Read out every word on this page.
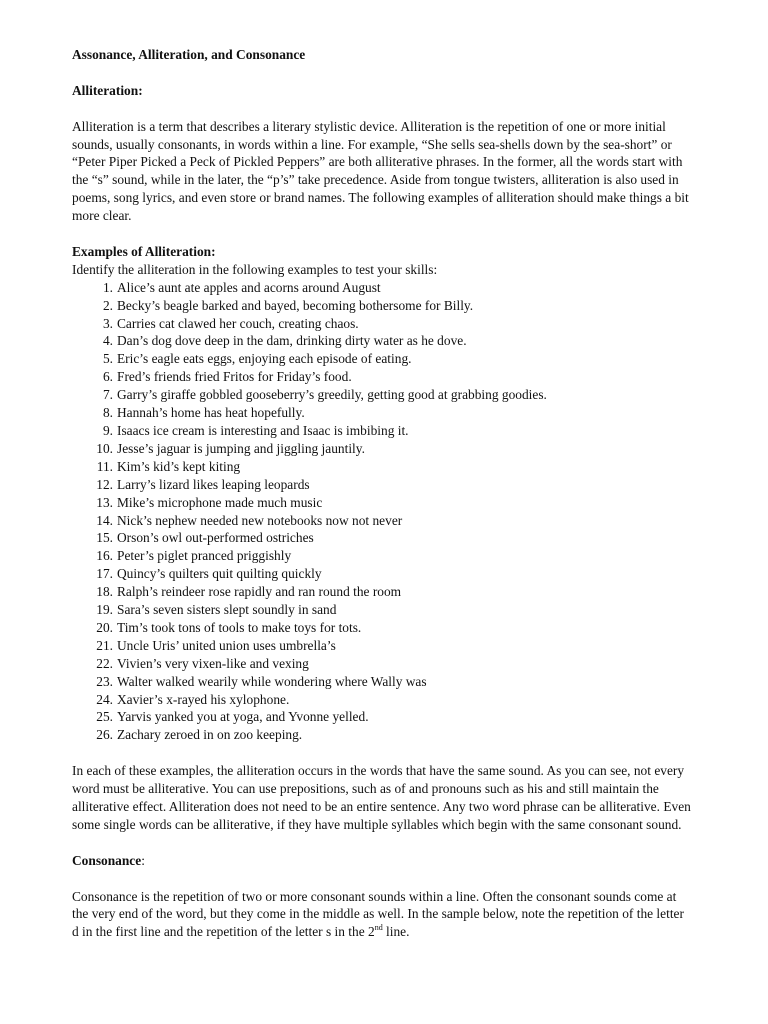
Assonance, Alliteration, and Consonance

Alliteration:

Alliteration is a term that describes a literary stylistic device. Alliteration is the repetition of one or more initial sounds, usually consonants, in words within a line. For example, “She sells sea-shells down by the sea-short” or “Peter Piper Picked a Peck of Pickled Peppers” are both alliterative phrases. In the former, all the words start with the “s” sound, while in the later, the “p’s” take precedence. Aside from tongue twisters, alliteration is also used in poems, song lyrics, and even store or brand names. The following examples of alliteration should make things a bit more clear.

Examples of Alliteration:

Identify the alliteration in the following examples to test your skills:

1. Alice’s aunt ate apples and acorns around August
2. Becky’s beagle barked and bayed, becoming bothersome for Billy.
3. Carries cat clawed her couch, creating chaos.
4. Dan’s dog dove deep in the dam, drinking dirty water as he dove.
5. Eric’s eagle eats eggs, enjoying each episode of eating.
6. Fred’s friends fried Fritos for Friday’s food.
7. Garry’s giraffe gobbled gooseberry’s greedily, getting good at grabbing goodies.
8. Hannah’s home has heat hopefully.
9. Isaacs ice cream is interesting and Isaac is imbibing it.
10. Jesse’s jaguar is jumping and jiggling jauntily.
11. Kim’s kid’s kept kiting
12. Larry’s lizard likes leaping leopards
13. Mike’s microphone made much music
14. Nick’s nephew needed new notebooks now not never
15. Orson’s owl out-performed ostriches
16. Peter’s piglet pranced priggishly
17. Quincy’s quilters quit quilting quickly
18. Ralph’s reindeer rose rapidly and ran round the room
19. Sara’s seven sisters slept soundly in sand
20. Tim’s took tons of tools to make toys for tots.
21. Uncle Uris’ united union uses umbrella’s
22. Vivien’s very vixen-like and vexing
23. Walter walked wearily while wondering where Wally was
24. Xavier’s x-rayed his xylophone.
25. Yarvis yanked you at yoga, and Yvonne yelled.
26. Zachary zeroed in on zoo keeping.

In each of these examples, the alliteration occurs in the words that have the same sound. As you can see, not every word must be alliterative. You can use prepositions, such as of and pronouns such as his and still maintain the alliterative effect. Alliteration does not need to be an entire sentence. Any two word phrase can be alliterative. Even some single words can be alliterative, if they have multiple syllables which begin with the same consonant sound.

Consonance:

Consonance is the repetition of two or more consonant sounds within a line. Often the consonant sounds come at the very end of the word, but they come in the middle as well. In the sample below, note the repetition of the letter d in the first line and the repetition of the letter s in the 2nd line.
